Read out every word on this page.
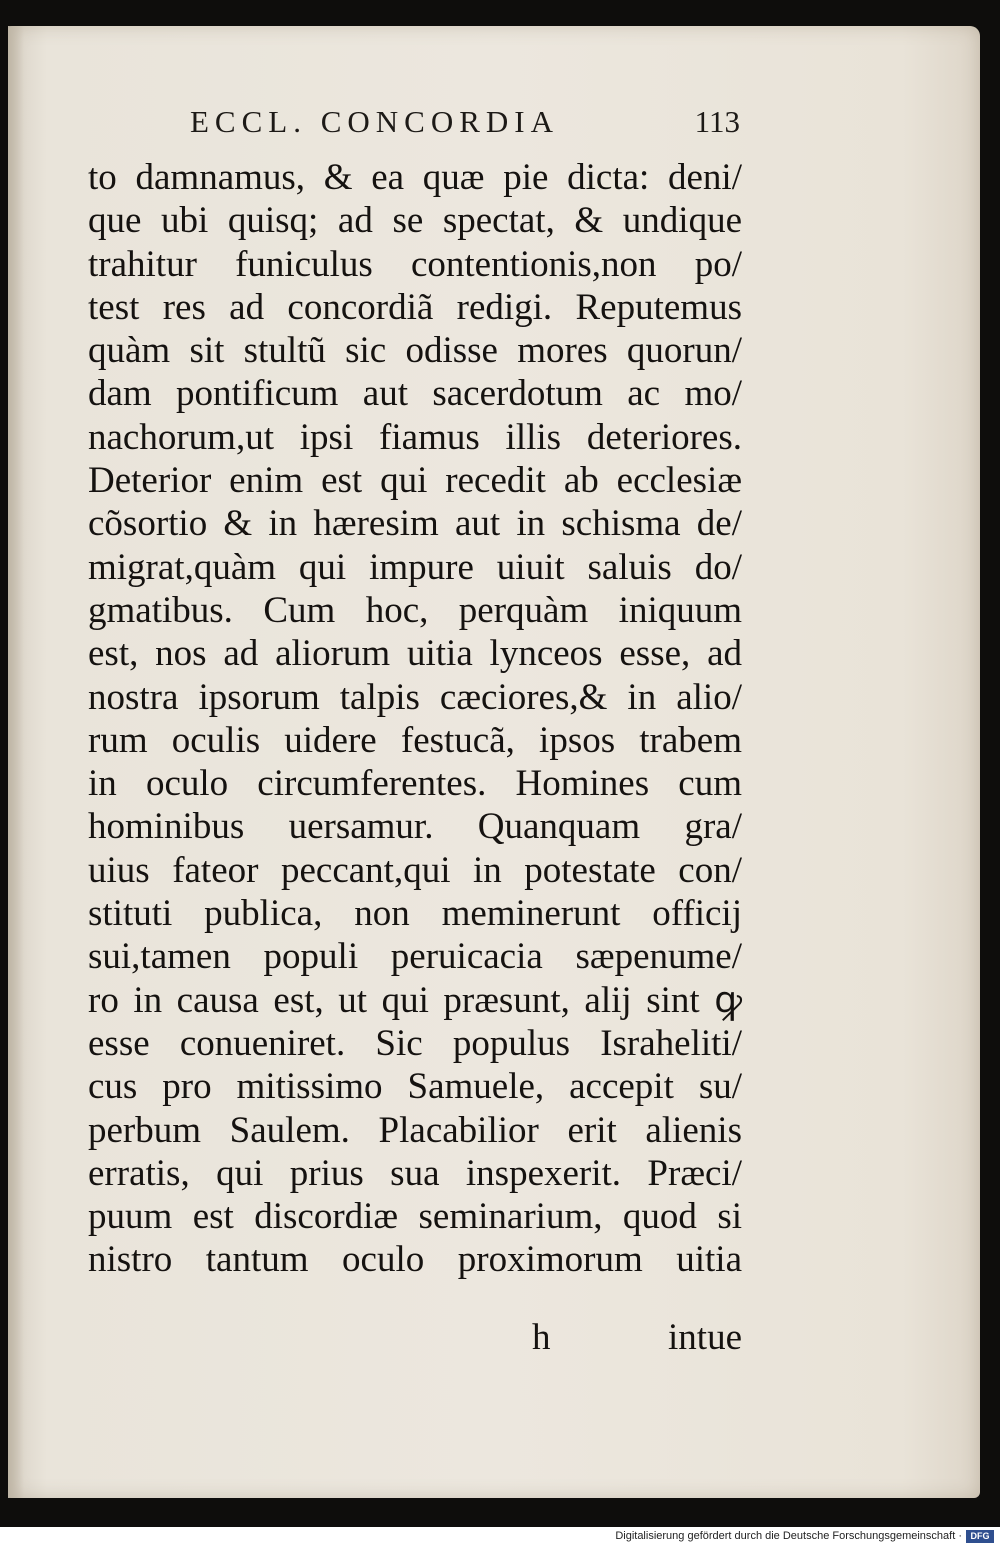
ECCL. CONCORDIA	113
to damnamus, & ea quæ pie dicta: deni/
que ubi quisq; ad se spectat, & undique
trahitur funiculus contentionis,non po/
test res ad concordiã redigi. Reputemus
quàm sit stultũ sic odisse mores quorun/
dam pontificum aut sacerdotum ac mo/
nachorum,ut ipsi fiamus illis deteriores.
Deterior enim est qui recedit ab ecclesiæ
cõsortio & in hæresim aut in schisma de/
migrat,quàm qui impure uiuit saluis do/
gmatibus. Cum hoc, perquàm iniquum
est, nos ad aliorum uitia lynceos esse, ad
nostra ipsorum talpis cæciores,& in alio/
rum oculis uidere festucã, ipsos trabem
in oculo circumferentes. Homines cum
hominibus uersamur. Quanquam gra/
uius fateor peccant,qui in potestate con/
stituti publica, non meminerunt officij
sui,tamen populi peruicacia sæpenume/
ro in causa est, ut qui præsunt, alij sint ꝙ
esse conueniret. Sic populus Israheliti/
cus pro mitissimo Samuele, accepit su/
perbum Saulem. Placabilior erit alienis
erratis, qui prius sua inspexerit. Præci/
puum est discordiæ seminarium, quod si
nistro tantum oculo proximorum uitia
h	intue
Digitalisierung gefördert durch die Deutsche Forschungsgemeinschaft · DFG
